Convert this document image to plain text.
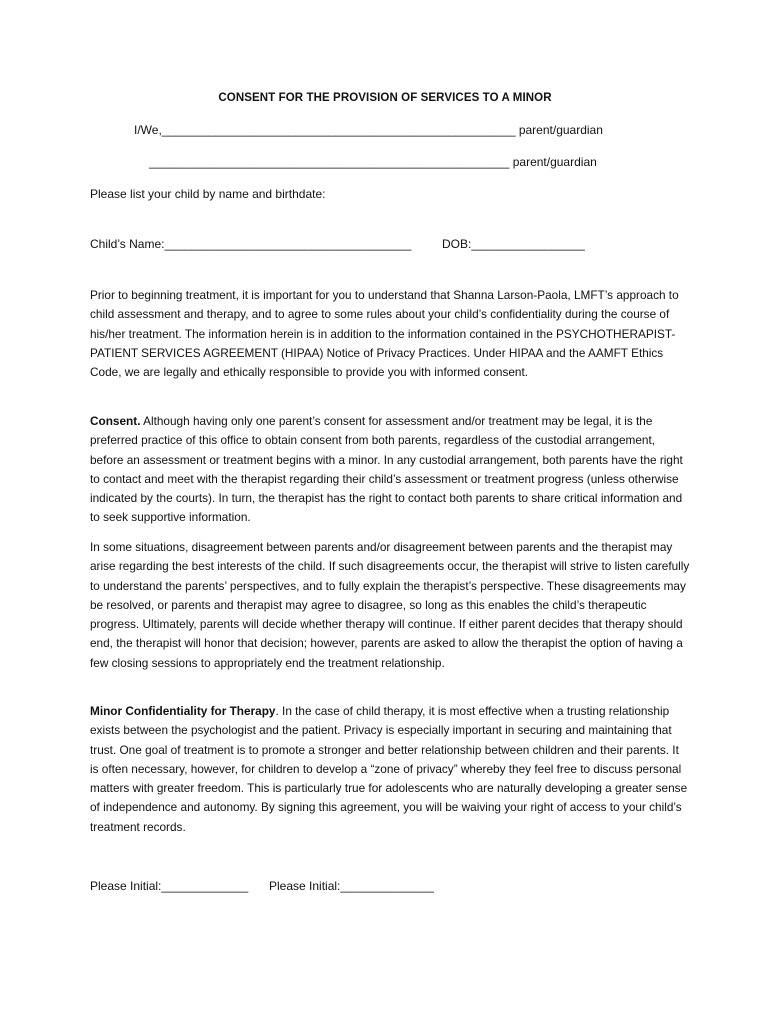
CONSENT FOR THE PROVISION OF SERVICES TO A MINOR
I/We,_____________________________________________________ parent/guardian
______________________________________________________ parent/guardian
Please list your child by name and birthdate:
Child’s Name:_____________________________________	DOB:_________________

Prior to beginning treatment, it is important for you to understand that Shanna Larson-Paola, LMFT’s approach to child assessment and therapy, and to agree to some rules about your child’s confidentiality during the course of his/her treatment. The information herein is in addition to the information contained in the PSYCHOTHERAPIST- PATIENT SERVICES AGREEMENT (HIPAA) Notice of Privacy Practices. Under HIPAA and the AAMFT Ethics Code, we are legally and ethically responsible to provide you with informed consent.

Consent. Although having only one parent’s consent for assessment and/or treatment may be legal, it is the preferred practice of this office to obtain consent from both parents, regardless of the custodial arrangement, before an assessment or treatment begins with a minor. In any custodial arrangement, both parents have the right to contact and meet with the therapist regarding their child’s assessment or treatment progress (unless otherwise indicated by the courts). In turn, the therapist has the right to contact both parents to share critical information and to seek supportive information.

In some situations, disagreement between parents and/or disagreement between parents and the therapist may arise regarding the best interests of the child. If such disagreements occur, the therapist will strive to listen carefully to understand the parents’ perspectives, and to fully explain the therapist’s perspective. These disagreements may be resolved, or parents and therapist may agree to disagree, so long as this enables the child’s therapeutic progress. Ultimately, parents will decide whether therapy will continue. If either parent decides that therapy should end, the therapist will honor that decision; however, parents are asked to allow the therapist the option of having a few closing sessions to appropriately end the treatment relationship.

Minor Confidentiality for Therapy. In the case of child therapy, it is most effective when a trusting relationship exists between the psychologist and the patient. Privacy is especially important in securing and maintaining that trust. One goal of treatment is to promote a stronger and better relationship between children and their parents. It is often necessary, however, for children to develop a “zone of privacy” whereby they feel free to discuss personal matters with greater freedom. This is particularly true for adolescents who are naturally developing a greater sense of independence and autonomy. By signing this agreement, you will be waiving your right of access to your child’s treatment records.

Please Initial:_____________ Please Initial:______________
